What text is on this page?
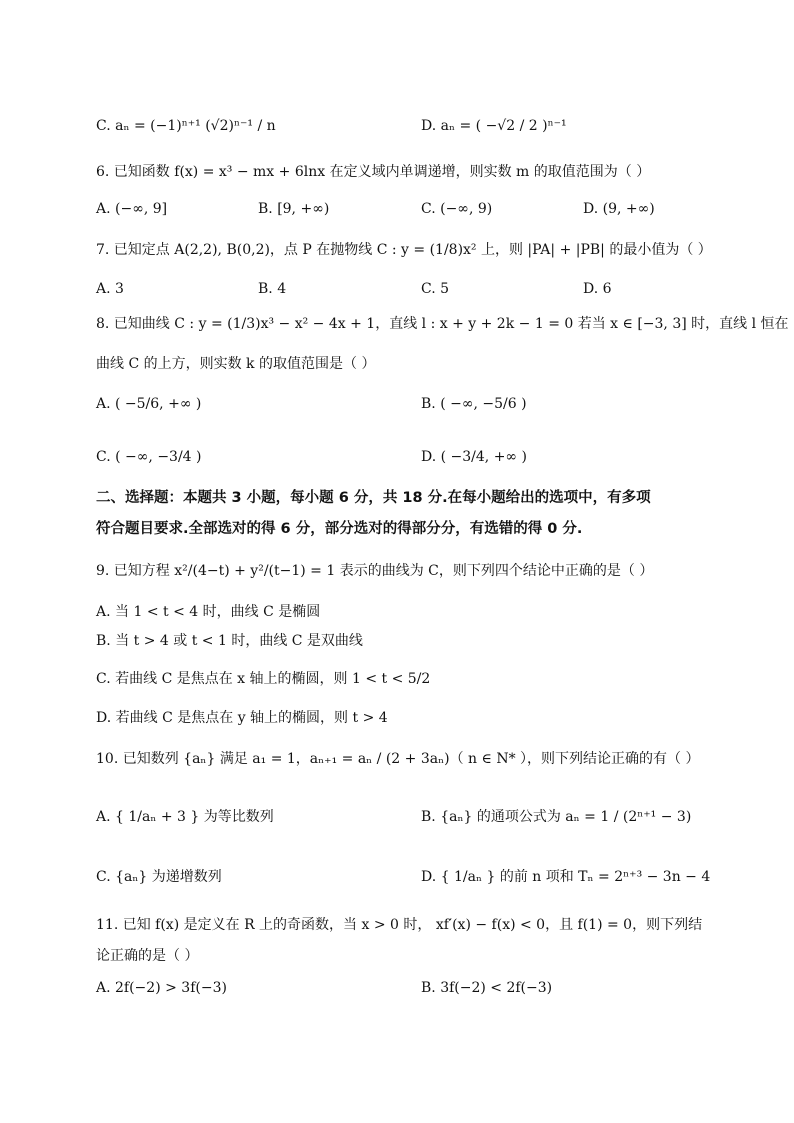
C. aₙ = (−1)ⁿ⁺¹ (√2)ⁿ⁻¹ / n	D. aₙ = ( −√2 / 2 )ⁿ⁻¹
6. 已知函数 f(x) = x³ − mx + 6lnx 在定义域内单调递增，则实数 m 的取值范围为（ ）
A. (−∞, 9]	B. [9, +∞)	C. (−∞, 9)	D. (9, +∞)
7. 已知定点 A(2,2), B(0,2)，点 P 在抛物线 C : y = (1/8)x² 上，则 |PA| + |PB| 的最小值为（ ）
A. 3	B. 4	C. 5	D. 6
8. 已知曲线 C : y = (1/3)x³ − x² − 4x + 1，直线 l : x + y + 2k − 1 = 0 若当 x ∈ [−3, 3] 时，直线 l 恒在
曲线 C 的上方，则实数 k 的取值范围是（ ）
A. ( −5/6, +∞ )	B. ( −∞, −5/6 )
C. ( −∞, −3/4 )	D. ( −3/4, +∞ )
二、选择题：本题共 3 小题，每小题 6 分，共 18 分.在每小题给出的选项中，有多项
符合题目要求.全部选对的得 6 分，部分选对的得部分分，有选错的得 0 分.
9. 已知方程 x²/(4−t) + y²/(t−1) = 1 表示的曲线为 C，则下列四个结论中正确的是（ ）
A. 当 1 < t < 4 时，曲线 C 是椭圆
B. 当 t > 4 或 t < 1 时，曲线 C 是双曲线
C. 若曲线 C 是焦点在 x 轴上的椭圆，则 1 < t < 5/2
D. 若曲线 C 是焦点在 y 轴上的椭圆，则 t > 4
10. 已知数列 {aₙ} 满足 a₁ = 1，aₙ₊₁ = aₙ / (2 + 3aₙ)（ n ∈ N* ），则下列结论正确的有（ ）
A. { 1/aₙ + 3 } 为等比数列	B. {aₙ} 的通项公式为 aₙ = 1 / (2ⁿ⁺¹ − 3)
C. {aₙ} 为递增数列	D. { 1/aₙ } 的前 n 项和 Tₙ = 2ⁿ⁺³ − 3n − 4
11. 已知 f(x) 是定义在 R 上的奇函数，当 x > 0 时， xf′(x) − f(x) < 0，且 f(1) = 0，则下列结
论正确的是（ ）
A. 2f(−2) > 3f(−3)	B. 3f(−2) < 2f(−3)
